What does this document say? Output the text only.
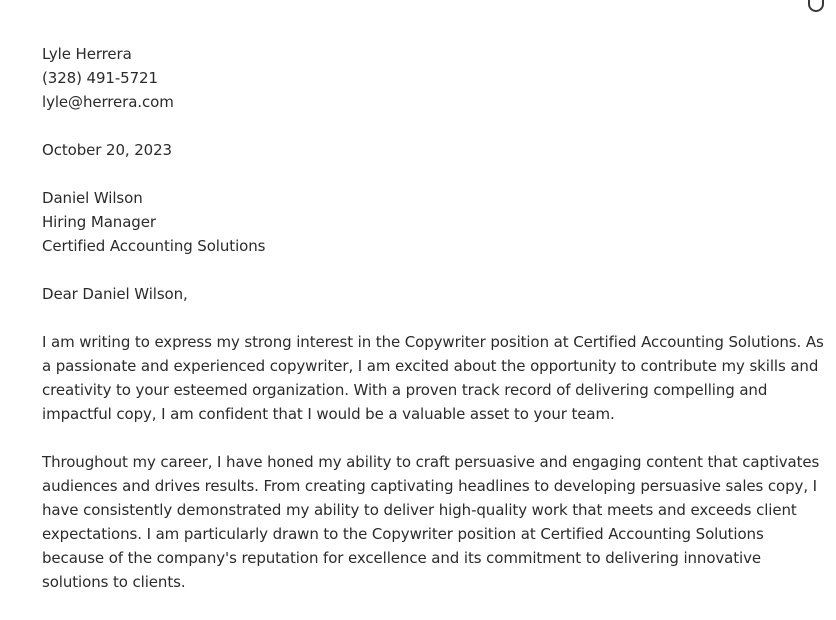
Lyle Herrera
(328) 491-5721
lyle@herrera.com
October 20, 2023
Daniel Wilson
Hiring Manager
Certified Accounting Solutions
Dear Daniel Wilson,
I am writing to express my strong interest in the Copywriter position at Certified Accounting Solutions. As
a passionate and experienced copywriter, I am excited about the opportunity to contribute my skills and
creativity to your esteemed organization. With a proven track record of delivering compelling and
impactful copy, I am confident that I would be a valuable asset to your team.
Throughout my career, I have honed my ability to craft persuasive and engaging content that captivates
audiences and drives results. From creating captivating headlines to developing persuasive sales copy, I
have consistently demonstrated my ability to deliver high-quality work that meets and exceeds client
expectations. I am particularly drawn to the Copywriter position at Certified Accounting Solutions
because of the company's reputation for excellence and its commitment to delivering innovative
solutions to clients.
